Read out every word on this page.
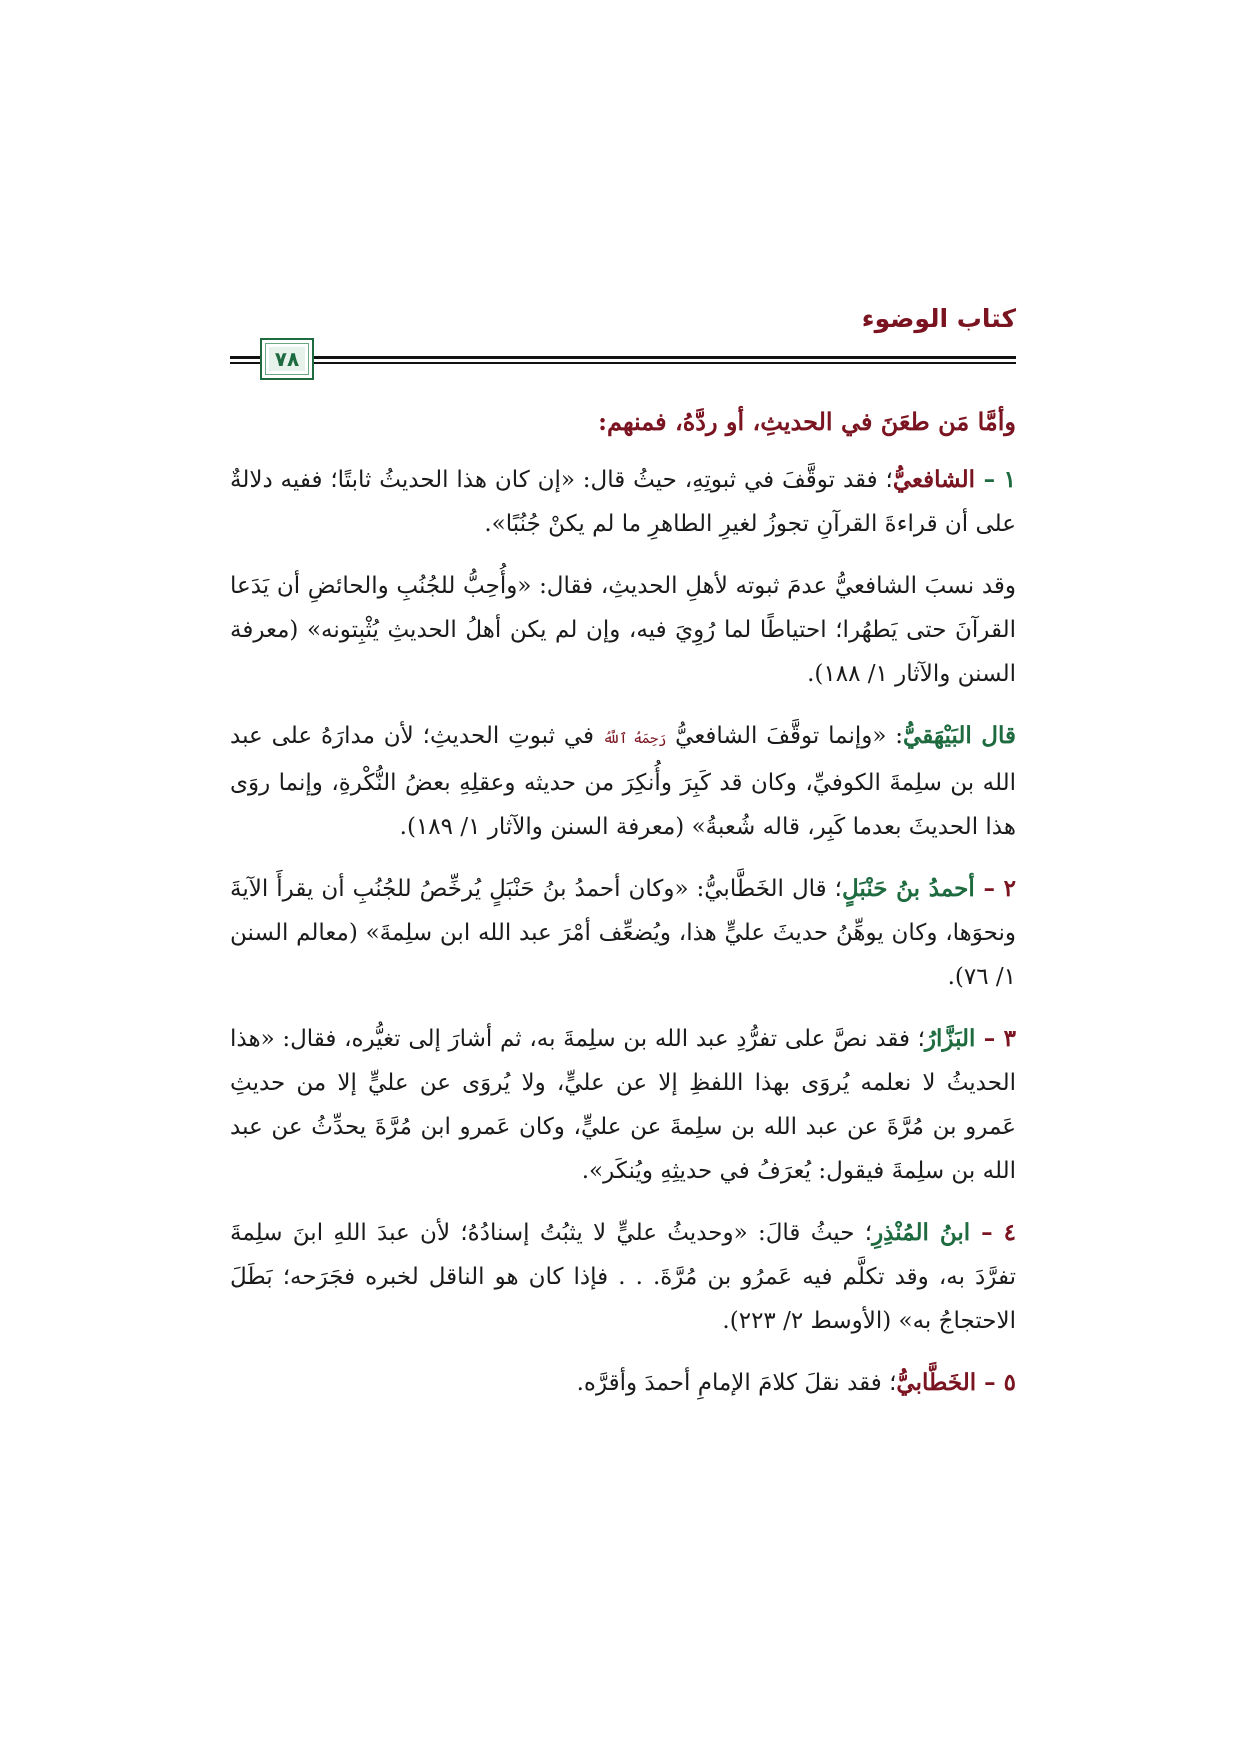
كتاب الوضوء
٧٨

وأمَّا مَن طعَنَ في الحديثِ، أو ردَّهُ، فمنهم:

١ – الشافعيُّ؛ فقد توقَّفَ في ثبوتِهِ، حيثُ قال: «إن كان هذا الحديثُ ثابتًا؛ ففيه دلالةٌ على أن قراءةَ القرآنِ تجوزُ لغيرِ الطاهرِ ما لم يكنْ جُنُبًا».

وقد نسبَ الشافعيُّ عدمَ ثبوته لأهلِ الحديثِ، فقال: «وأُحِبُّ للجُنُبِ والحائضِ أن يَدَعا القرآنَ حتى يَطهُرا؛ احتياطًا لما رُوِيَ فيه، وإن لم يكن أهلُ الحديثِ يُثْبِتونه» (معرفة السنن والآثار ١/ ١٨٨).

قال البَيْهَقيُّ: «وإنما توقَّفَ الشافعيُّ رَحِمَهُ ٱللَّهُ في ثبوتِ الحديثِ؛ لأن مدارَهُ على عبد الله بن سلِمةَ الكوفيِّ، وكان قد كَبِرَ وأُنكِرَ من حديثه وعقلِهِ بعضُ النُّكْرةِ، وإنما روَى هذا الحديثَ بعدما كَبِر، قاله شُعبةُ» (معرفة السنن والآثار ١/ ١٨٩).

٢ – أحمدُ بنُ حَنْبَلٍ؛ قال الخَطَّابيُّ: «وكان أحمدُ بنُ حَنْبَلٍ يُرخِّصُ للجُنُبِ أن يقرأَ الآيةَ ونحوَها، وكان يوهِّنُ حديثَ عليٍّ هذا، ويُضعِّف أمْرَ عبد الله ابن سلِمةَ» (معالم السنن ١/ ٧٦).

٣ – البَزَّارُ؛ فقد نصَّ على تفرُّدِ عبد الله بن سلِمةَ به، ثم أشارَ إلى تغيُّره، فقال: «هذا الحديثُ لا نعلمه يُروَى بهذا اللفظِ إلا عن عليٍّ، ولا يُروَى عن عليٍّ إلا من حديثِ عَمرو بن مُرَّةَ عن عبد الله بن سلِمةَ عن عليٍّ، وكان عَمرو ابن مُرَّةَ يحدِّثُ عن عبد الله بن سلِمةَ فيقول: يُعرَفُ في حديثِهِ ويُنكَر».

٤ – ابنُ المُنْذِرِ؛ حيثُ قالَ: «وحديثُ عليٍّ لا يثبُتُ إسنادُهُ؛ لأن عبدَ اللهِ ابنَ سلِمةَ تفرَّدَ به، وقد تكلَّم فيه عَمرُو بن مُرَّةَ. . . فإذا كان هو الناقل لخبره فجَرَحه؛ بَطَلَ الاحتجاجُ به» (الأوسط ٢/ ٢٢٣).

٥ – الخَطَّابيُّ؛ فقد نقلَ كلامَ الإمامِ أحمدَ وأقرَّه.
